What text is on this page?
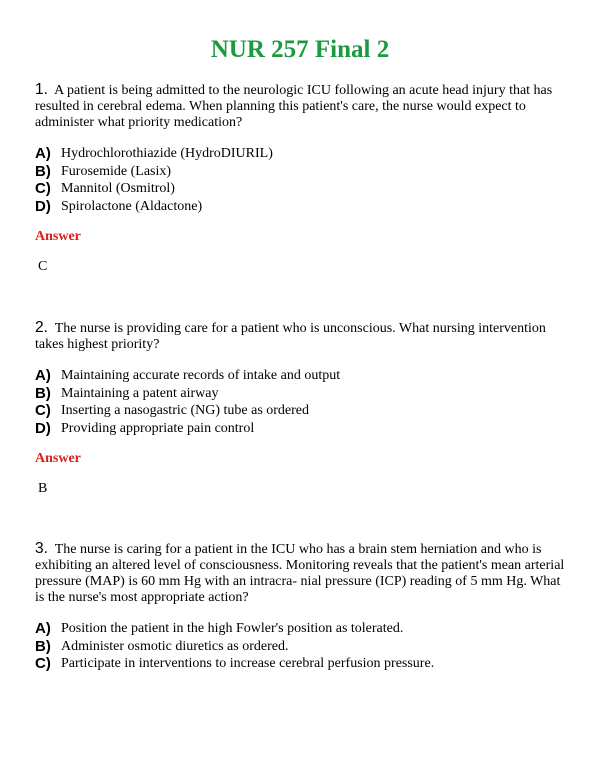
NUR 257 Final 2
1. A patient is being admitted to the neurologic ICU following an acute head injury that has resulted in cerebral edema. When planning this patient's care, the nurse would expect to administer what priority medication?
A) Hydrochlorothiazide (HydroDIURIL)
B) Furosemide (Lasix)
C) Mannitol (Osmitrol)
D) Spirolactone (Aldactone)
Answer
C
2. The nurse is providing care for a patient who is unconscious. What nursing intervention takes highest priority?
A) Maintaining accurate records of intake and output
B) Maintaining a patent airway
C) Inserting a nasogastric (NG) tube as ordered
D) Providing appropriate pain control
Answer
B
3. The nurse is caring for a patient in the ICU who has a brain stem herniation and who is exhibiting an altered level of consciousness. Monitoring reveals that the patient's mean arterial pressure (MAP) is 60 mm Hg with an intracra- nial pressure (ICP) reading of 5 mm Hg. What is the nurse's most appropriate action?
A) Position the patient in the high Fowler's position as tolerated.
B) Administer osmotic diuretics as ordered.
C) Participate in interventions to increase cerebral perfusion pressure.
